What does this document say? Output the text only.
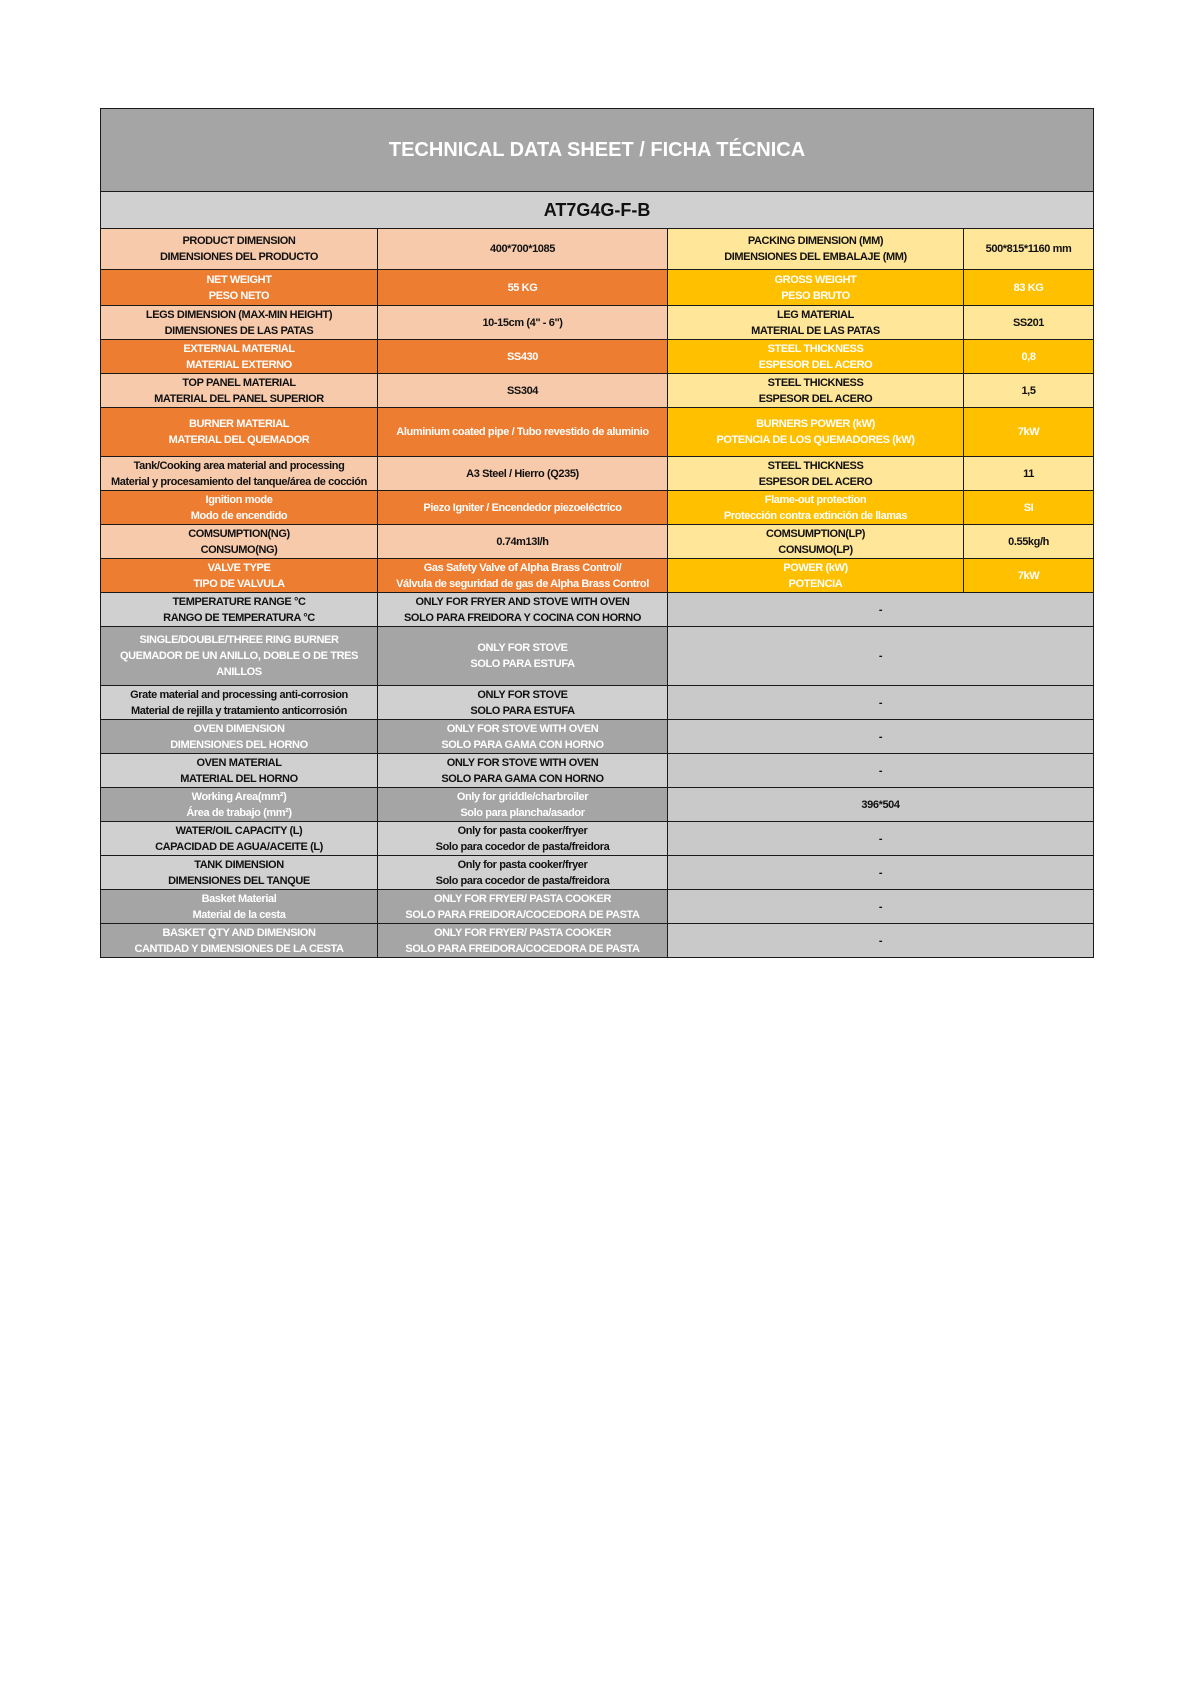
TECHNICAL DATA SHEET / FICHA TÉCNICA			
AT7G4G-F-B			

PRODUCT DIMENSION
DIMENSIONES DEL PRODUCTO	400*700*1085	PACKING DIMENSION (MM)
DIMENSIONES DEL EMBALAJE (MM)	500*815*1160 mm

NET WEIGHT
PESO NETO	55 KG	GROSS WEIGHT
PESO BRUTO	83 KG

LEGS DIMENSION (MAX-MIN HEIGHT)
DIMENSIONES DE LAS PATAS	10-15cm (4" - 6")	LEG MATERIAL
MATERIAL DE LAS PATAS	SS201

EXTERNAL MATERIAL
MATERIAL EXTERNO	SS430	STEEL THICKNESS
ESPESOR DEL ACERO	0,8

TOP PANEL MATERIAL
MATERIAL DEL PANEL SUPERIOR	SS304	STEEL THICKNESS
ESPESOR DEL ACERO	1,5

BURNER MATERIAL
MATERIAL DEL QUEMADOR	Aluminium coated pipe / Tubo revestido de aluminio	BURNERS POWER (kW)
POTENCIA DE LOS QUEMADORES (kW)	7kW

Tank/Cooking area material and processing
Material y procesamiento del tanque/área de cocción	A3 Steel / Hierro (Q235)	STEEL THICKNESS
ESPESOR DEL ACERO	11

Ignition mode
Modo de encendido	Piezo Igniter / Encendedor piezoeléctrico	Flame-out protection
Protección contra extinción de llamas	SI

COMSUMPTION(NG)
CONSUMO(NG)	0.74m13l/h	COMSUMPTION(LP)
CONSUMO(LP)	0.55kg/h

VALVE TYPE
TIPO DE VALVULA	Gas Safety Valve of Alpha Brass Control/
Válvula de seguridad de gas de Alpha Brass Control	POWER (kW)
POTENCIA	7kW

TEMPERATURE RANGE °C
RANGO DE TEMPERATURA °C	ONLY FOR FRYER AND STOVE WITH OVEN
SOLO PARA FREIDORA Y COCINA CON HORNO	-	

SINGLE/DOUBLE/THREE RING BURNER
QUEMADOR DE UN ANILLO, DOBLE O DE TRES ANILLOS	ONLY FOR STOVE
SOLO PARA ESTUFA	-	

Grate material and processing anti-corrosion
Material de rejilla y tratamiento anticorrosión	ONLY FOR STOVE
SOLO PARA ESTUFA	-	

OVEN DIMENSION
DIMENSIONES DEL HORNO	ONLY FOR STOVE WITH OVEN
SOLO PARA GAMA CON HORNO	-	

OVEN MATERIAL
MATERIAL DEL HORNO	ONLY FOR STOVE WITH OVEN
SOLO PARA GAMA CON HORNO	-	

Working Area(mm²)
Área de trabajo (mm²)	Only for griddle/charbroiler
Solo para plancha/asador	396*504	

WATER/OIL CAPACITY (L)
CAPACIDAD DE AGUA/ACEITE (L)	Only for pasta cooker/fryer
Solo para cocedor de pasta/freidora	-	

TANK DIMENSION
DIMENSIONES DEL TANQUE	Only for pasta cooker/fryer
Solo para cocedor de pasta/freidora	-	

Basket Material
Material de la cesta	ONLY FOR FRYER/ PASTA COOKER
SOLO PARA FREIDORA/COCEDORA DE PASTA	-	

BASKET QTY AND DIMENSION
CANTIDAD Y DIMENSIONES DE LA CESTA	ONLY FOR FRYER/ PASTA COOKER
SOLO PARA FREIDORA/COCEDORA DE PASTA	-	
